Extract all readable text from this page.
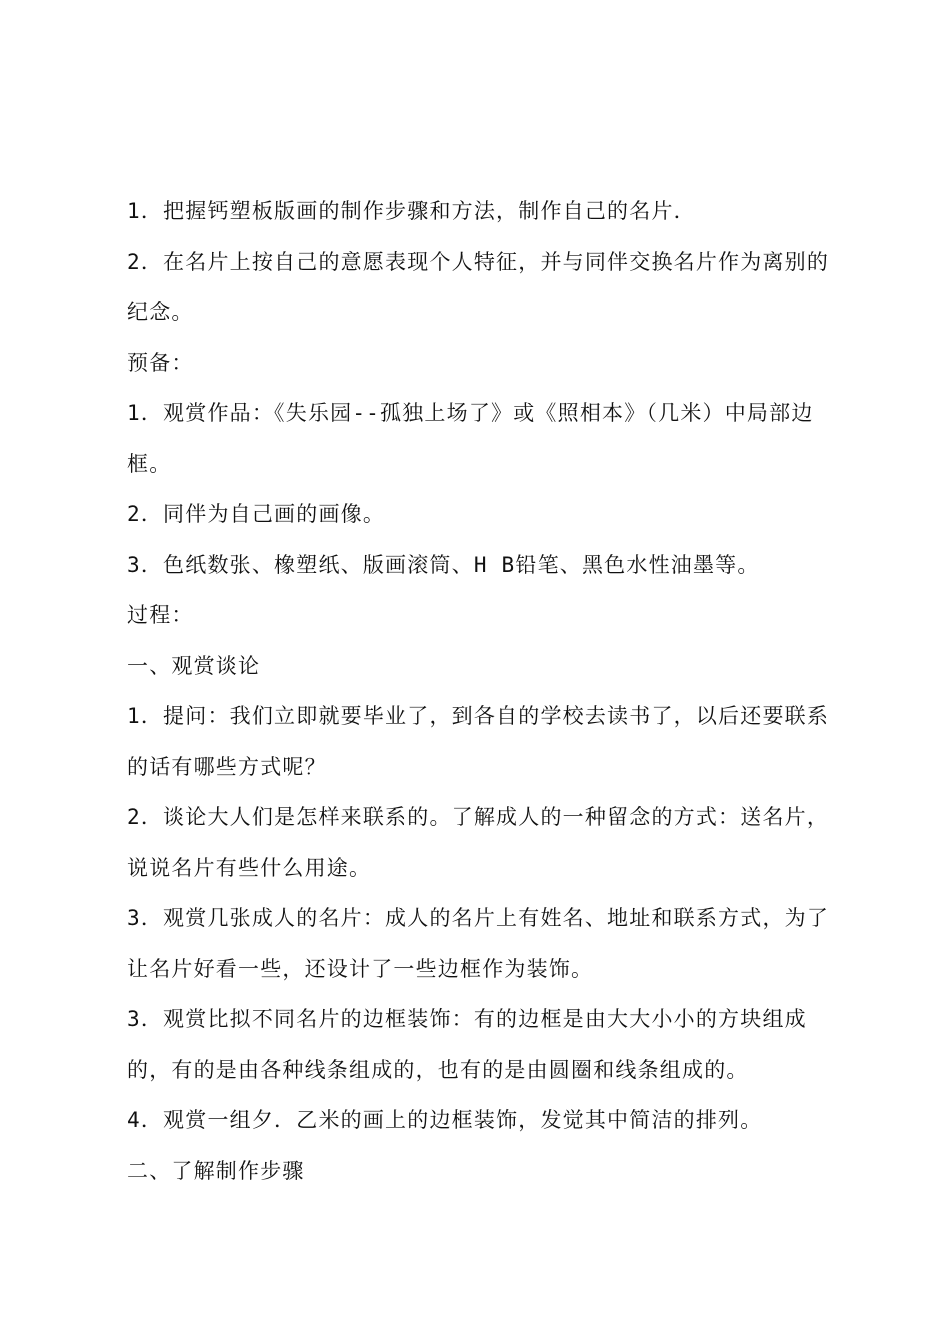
1．把握钙塑板版画的制作步骤和方法，制作自己的名片．

2．在名片上按自己的意愿表现个人特征，并与同伴交换名片作为离别的纪念。

预备：

1．观赏作品：《失乐园--孤独上场了》或《照相本》（几米）中局部边框。

2．同伴为自己画的画像。

3．色纸数张、橡塑纸、版画滚筒、H B铅笔、黑色水性油墨等。

过程：

一、观赏谈论

1．提问：我们立即就要毕业了，到各自的学校去读书了，以后还要联系的话有哪些方式呢？

2．谈论大人们是怎样来联系的。了解成人的一种留念的方式：送名片，说说名片有些什么用途。

3．观赏几张成人的名片：成人的名片上有姓名、地址和联系方式，为了让名片好看一些，还设计了一些边框作为装饰。

3．观赏比拟不同名片的边框装饰：有的边框是由大大小小的方块组成的，有的是由各种线条组成的，也有的是由圆圈和线条组成的。

4．观赏一组夕．乙米的画上的边框装饰，发觉其中简洁的排列。

二、了解制作步骤
